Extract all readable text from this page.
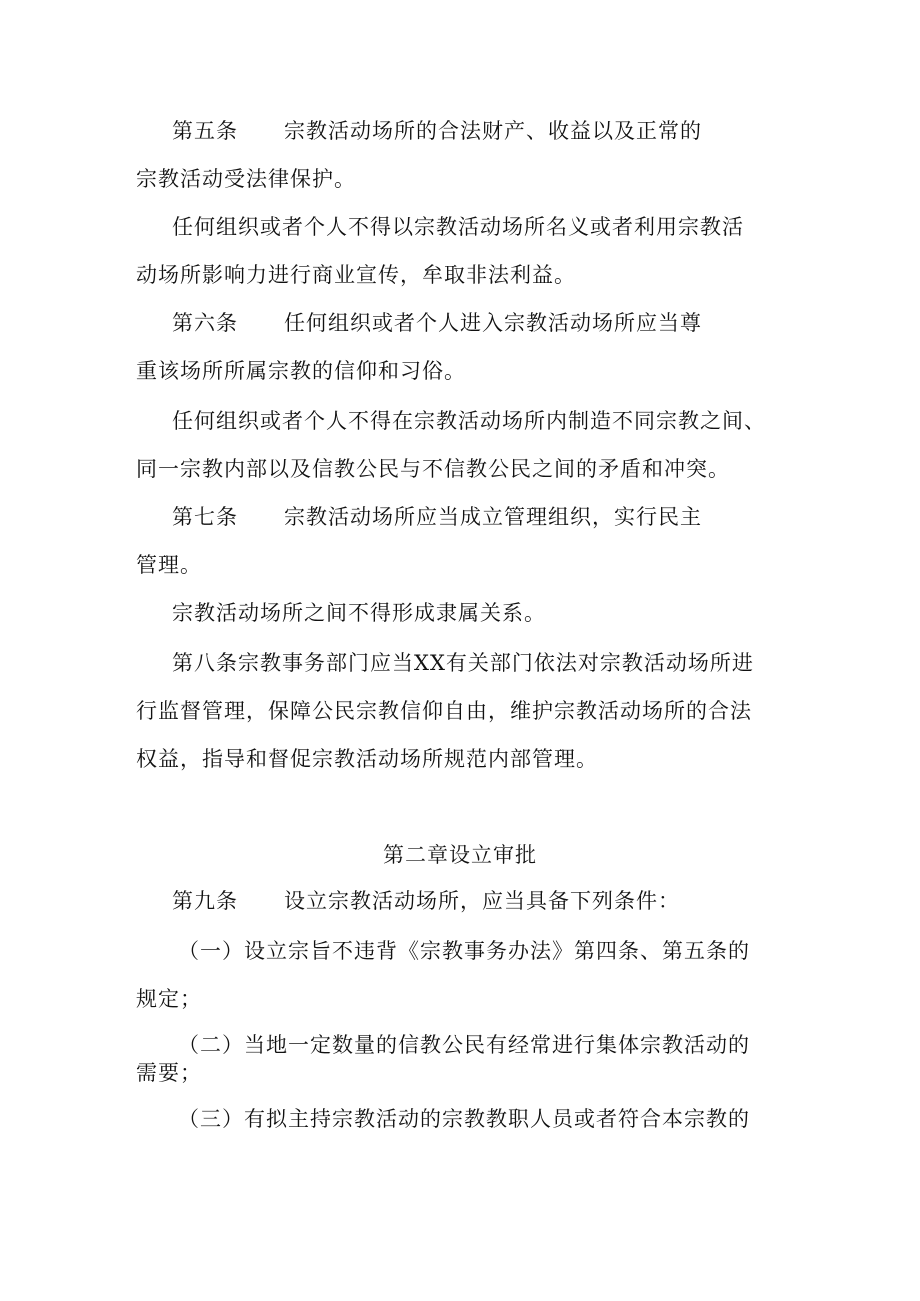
第五条 宗教活动场所的合法财产、收益以及正常的
宗教活动受法律保护。
任何组织或者个人不得以宗教活动场所名义或者利用宗教活
动场所影响力进行商业宣传，牟取非法利益。
第六条 任何组织或者个人进入宗教活动场所应当尊
重该场所所属宗教的信仰和习俗。
任何组织或者个人不得在宗教活动场所内制造不同宗教之间、
同一宗教内部以及信教公民与不信教公民之间的矛盾和冲突。
第七条 宗教活动场所应当成立管理组织，实行民主
管理。
宗教活动场所之间不得形成隶属关系。
第八条宗教事务部门应当XX有关部门依法对宗教活动场所进
行监督管理，保障公民宗教信仰自由，维护宗教活动场所的合法
权益，指导和督促宗教活动场所规范内部管理。
第二章设立审批
第九条 设立宗教活动场所，应当具备下列条件：
（一）设立宗旨不违背《宗教事务办法》第四条、第五条的
规定；
（二）当地一定数量的信教公民有经常进行集体宗教活动的
需要；
（三）有拟主持宗教活动的宗教教职人员或者符合本宗教的
